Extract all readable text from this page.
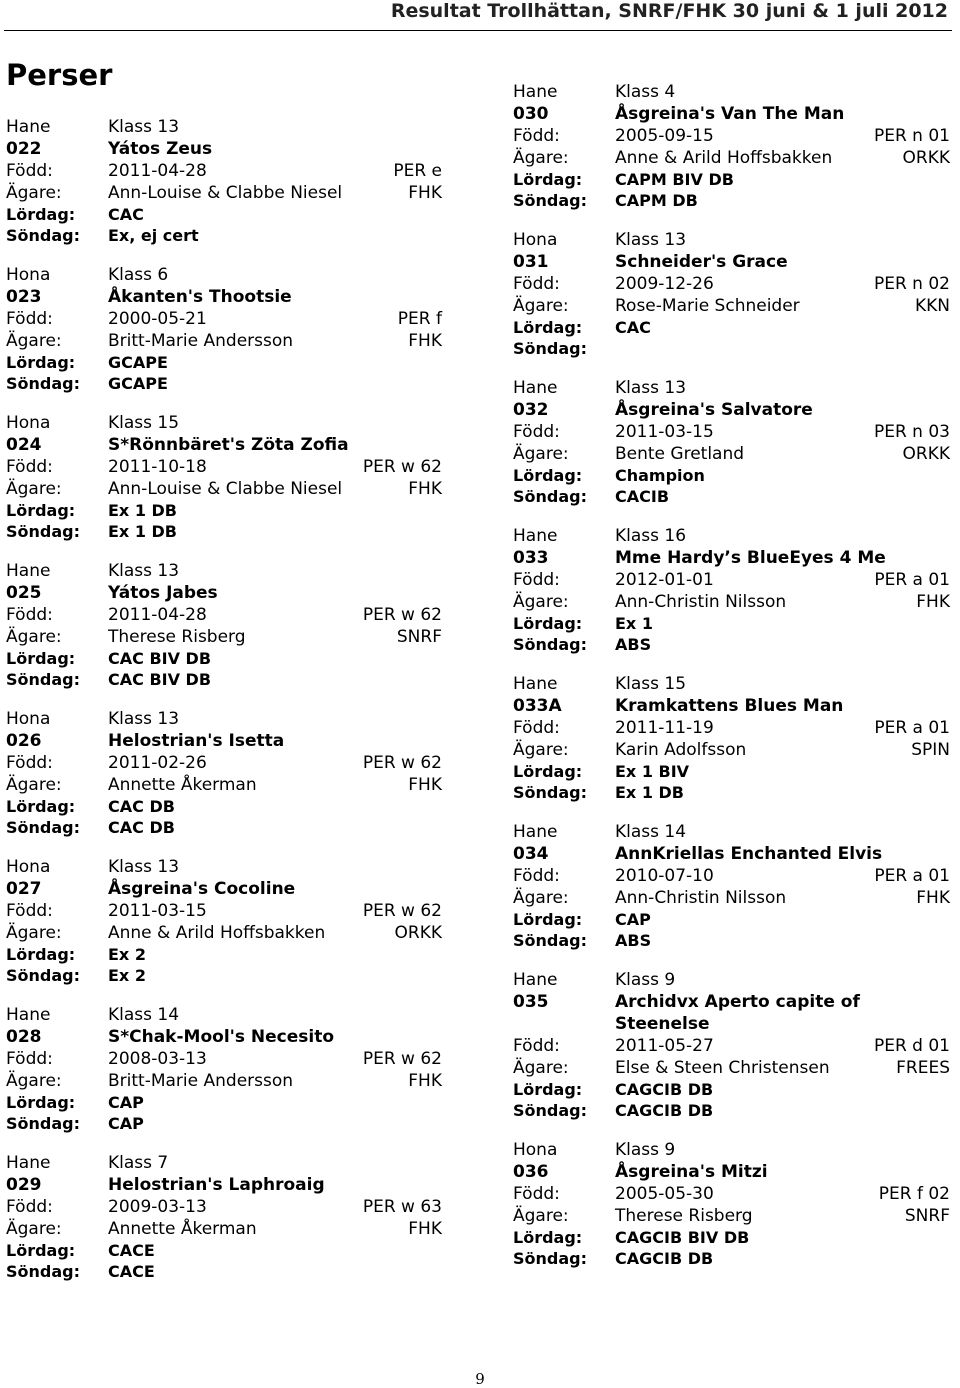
Resultat Trollhättan, SNRF/FHK 30 juni & 1 juli 2012
Perser
Hane	Klass 13
022	Yátos Zeus
Född:	2011-04-28	PER e
Ägare:	Ann-Louise & Clabbe Niesel	FHK
Lördag: CAC
Söndag: Ex, ej cert
Hona	Klass 6
023	Åkanten's Thootsie
Född:	2000-05-21	PER f
Ägare:	Britt-Marie Andersson	FHK
Lördag: GCAPE
Söndag: GCAPE
Hona	Klass 15
024	S*Rönnbäret's Zöta Zofia
Född:	2011-10-18	PER w 62
Ägare:	Ann-Louise & Clabbe Niesel	FHK
Lördag: Ex 1 DB
Söndag: Ex 1 DB
Hane	Klass 13
025	Yátos Jabes
Född:	2011-04-28	PER w 62
Ägare:	Therese Risberg	SNRF
Lördag: CAC BIV DB
Söndag: CAC BIV DB
Hona	Klass 13
026	Helostrian's Isetta
Född:	2011-02-26	PER w 62
Ägare:	Annette Åkerman	FHK
Lördag: CAC DB
Söndag: CAC DB
Hona	Klass 13
027	Åsgreina's Cocoline
Född:	2011-03-15	PER w 62
Ägare:	Anne & Arild Hoffsbakken	ORKK
Lördag: Ex 2
Söndag: Ex 2
Hane	Klass 14
028	S*Chak-Mool's Necesito
Född:	2008-03-13	PER w 62
Ägare:	Britt-Marie Andersson	FHK
Lördag: CAP
Söndag: CAP
Hane	Klass 7
029	Helostrian's Laphroaig
Född:	2009-03-13	PER w 63
Ägare:	Annette Åkerman	FHK
Lördag: CACE
Söndag: CACE
Hane	Klass 4
030	Åsgreina's Van The Man
Född:	2005-09-15	PER n 01
Ägare:	Anne & Arild Hoffsbakken	ORKK
Lördag: CAPM BIV DB
Söndag: CAPM DB
Hona	Klass 13
031	Schneider's Grace
Född:	2009-12-26	PER n 02
Ägare:	Rose-Marie Schneider	KKN
Lördag: CAC
Söndag:
Hane	Klass 13
032	Åsgreina's Salvatore
Född:	2011-03-15	PER n 03
Ägare:	Bente Gretland	ORKK
Lördag: Champion
Söndag: CACIB
Hane	Klass 16
033	Mme Hardy’s BlueEyes 4 Me
Född:	2012-01-01	PER a 01
Ägare:	Ann-Christin Nilsson	FHK
Lördag: Ex 1
Söndag: ABS
Hane	Klass 15
033A	Kramkattens Blues Man
Född:	2011-11-19	PER a 01
Ägare:	Karin Adolfsson	SPIN
Lördag: Ex 1 BIV
Söndag: Ex 1 DB
Hane	Klass 14
034	AnnKriellas Enchanted Elvis
Född:	2010-07-10	PER a 01
Ägare:	Ann-Christin Nilsson	FHK
Lördag: CAP
Söndag: ABS
Hane	Klass 9
035	Archidvx Aperto capite of Steenelse
Född:	2011-05-27	PER d 01
Ägare:	Else & Steen Christensen	FREES
Lördag: CAGCIB DB
Söndag: CAGCIB DB
Hona	Klass 9
036	Åsgreina's Mitzi
Född:	2005-05-30	PER f 02
Ägare:	Therese Risberg	SNRF
Lördag: CAGCIB BIV DB
Söndag: CAGCIB DB
9
